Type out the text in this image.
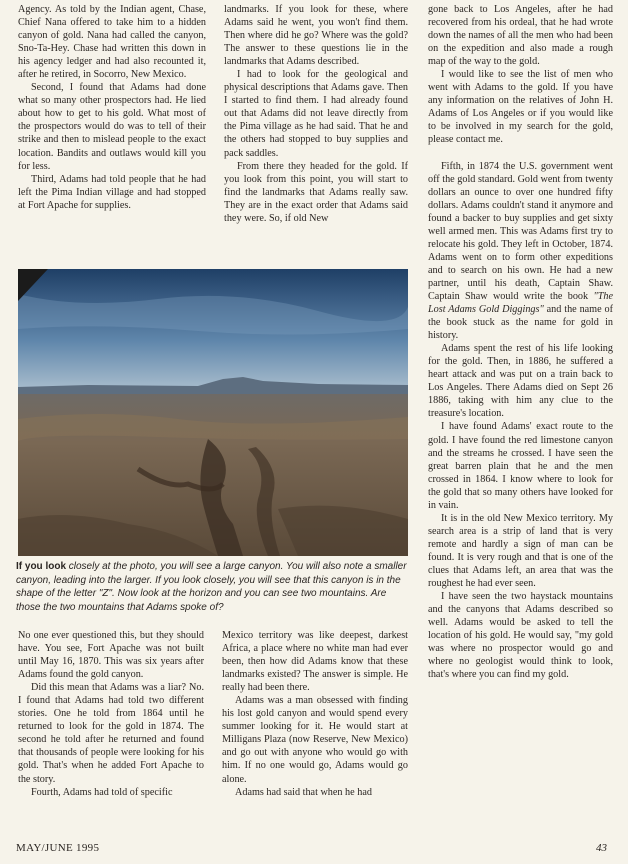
Agency. As told by the Indian agent, Chase, Chief Nana offered to take him to a hidden canyon of gold. Nana had called the canyon, Sno-Ta-Hey. Chase had written this down in his agency ledger and had also recounted it, after he retired, in Socorro, New Mexico.

Second, I found that Adams had done what so many other prospectors had. He lied about how to get to his gold. What most of the prospectors would do was to tell of their strike and then to mislead people to the exact location. Bandits and outlaws would kill you for less.

Third, Adams had told people that he had left the Pima Indian village and had stopped at Fort Apache for supplies.

landmarks. If you look for these, where Adams said he went, you won't find them. Then where did he go? Where was the gold? The answer to these questions lie in the landmarks that Adams described.

I had to look for the geological and physical descriptions that Adams gave. Then I started to find them. I had already found out that Adams did not leave directly from the Pima village as he had said. That he and the others had stopped to buy supplies and pack saddles.

From there they headed for the gold. If you look from this point, you will start to find the landmarks that Adams really saw. They are in the exact order that Adams said they were. So, if old New

gone back to Los Angeles, after he had recovered from his ordeal, that he had wrote down the names of all the men who had been on the expedition and also made a rough map of the way to the gold.

I would like to see the list of men who went with Adams to the gold. If you have any information on the relatives of John H. Adams of Los Angeles or if you would like to be involved in my search for the gold, please contact me.

Fifth, in 1874 the U.S. government went off the gold standard. Gold went from twenty dollars an ounce to over one hundred fifty dollars. Adams couldn't stand it anymore and found a backer to buy supplies and get sixty well armed men. This was Adams first try to relocate his gold. They left in October, 1874. Adams went on to form other expeditions and to search on his own. He had a new partner, until his death, Captain Shaw. Captain Shaw would write the book "The Lost Adams Gold Diggings" and the name of the book stuck as the name for gold in history.

Adams spent the rest of his life looking for the gold. Then, in 1886, he suffered a heart attack and was put on a train back to Los Angeles. There Adams died on Sept 26 1886, taking with him any clue to the treasure's location.

I have found Adams' exact route to the gold. I have found the red limestone canyon and the streams he crossed. I have seen the great barren plain that he and the men crossed in 1864. I know where to look for the gold that so many others have looked for in vain.

It is in the old New Mexico territory. My search area is a strip of land that is very remote and hardly a sign of man can be found. It is very rough and that is one of the clues that Adams left, an area that was the roughest he had ever seen.

I have seen the two haystack mountains and the canyons that Adams described so well. Adams would be asked to tell the location of his gold. He would say, "my gold was where no prospector would go and where no geologist would think to look, that's where you can find my gold.

If you look closely at the photo, you will see a large canyon. You will also note a smaller canyon, leading into the larger. If you look closely, you will see that this canyon is in the shape of the letter "Z". Now look at the horizon and you can see two mountains. Are those the two mountains that Adams spoke of?

No one ever questioned this, but they should have. You see, Fort Apache was not built until May 16, 1870. This was six years after Adams found the gold canyon.

Did this mean that Adams was a liar? No. I found that Adams had told two different stories. One he told from 1864 until he returned to look for the gold in 1874. The second he told after he returned and found that thousands of people were looking for his gold. That's when he added Fort Apache to the story.

Fourth, Adams had told of specific

Mexico territory was like deepest, darkest Africa, a place where no white man had ever been, then how did Adams know that these landmarks existed? The answer is simple. He really had been there.

Adams was a man obsessed with finding his lost gold canyon and would spend every summer looking for it. He would start at Milligans Plaza (now Reserve, New Mexico) and go out with anyone who would go with him. If no one would go, Adams would go alone.

Adams had said that when he had

MAY/JUNE 1995	43
